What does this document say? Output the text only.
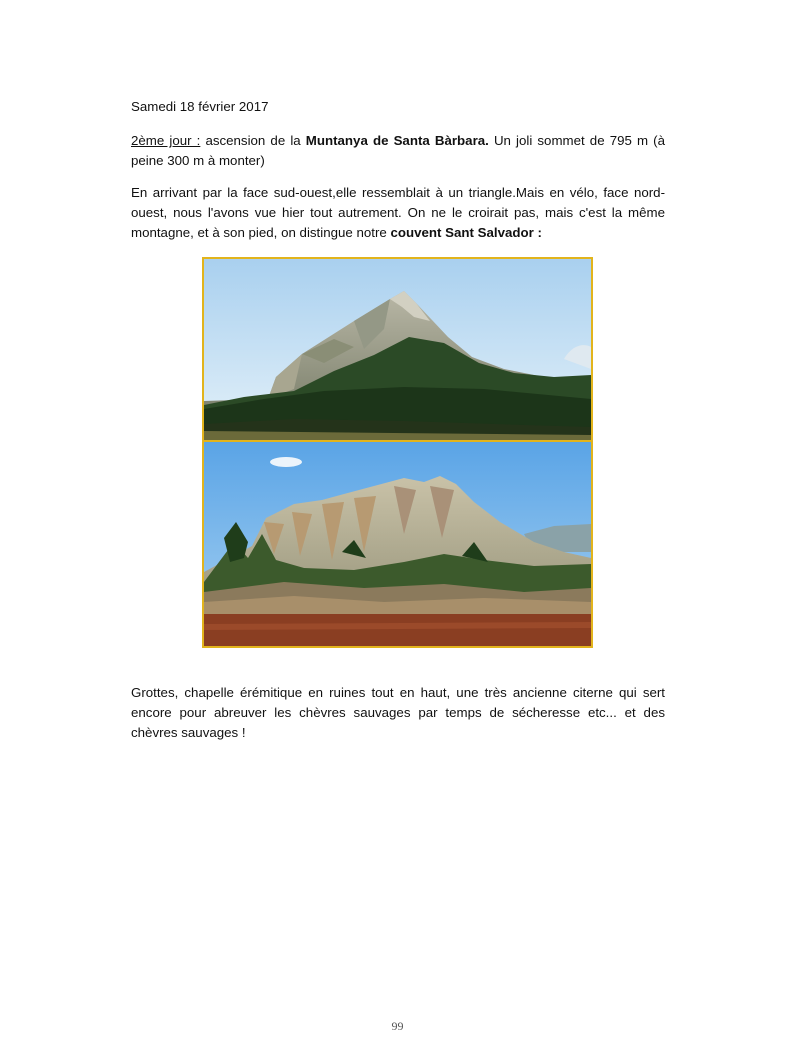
Samedi 18 février 2017
2ème jour : ascension de la Muntanya de Santa Bàrbara. Un joli sommet de 795 m (à peine 300 m à monter)
En arrivant par la face sud-ouest,elle ressemblait à un triangle.Mais en vélo, face nord-ouest, nous l'avons vue hier tout autrement. On ne le croirait pas, mais c'est la même montagne, et à son pied, on distingue notre couvent Sant Salvador :
Grottes, chapelle érémitique en ruines tout en haut, une très ancienne citerne qui sert encore pour abreuver les chèvres sauvages par temps de sécheresse etc... et des chèvres sauvages !
99
